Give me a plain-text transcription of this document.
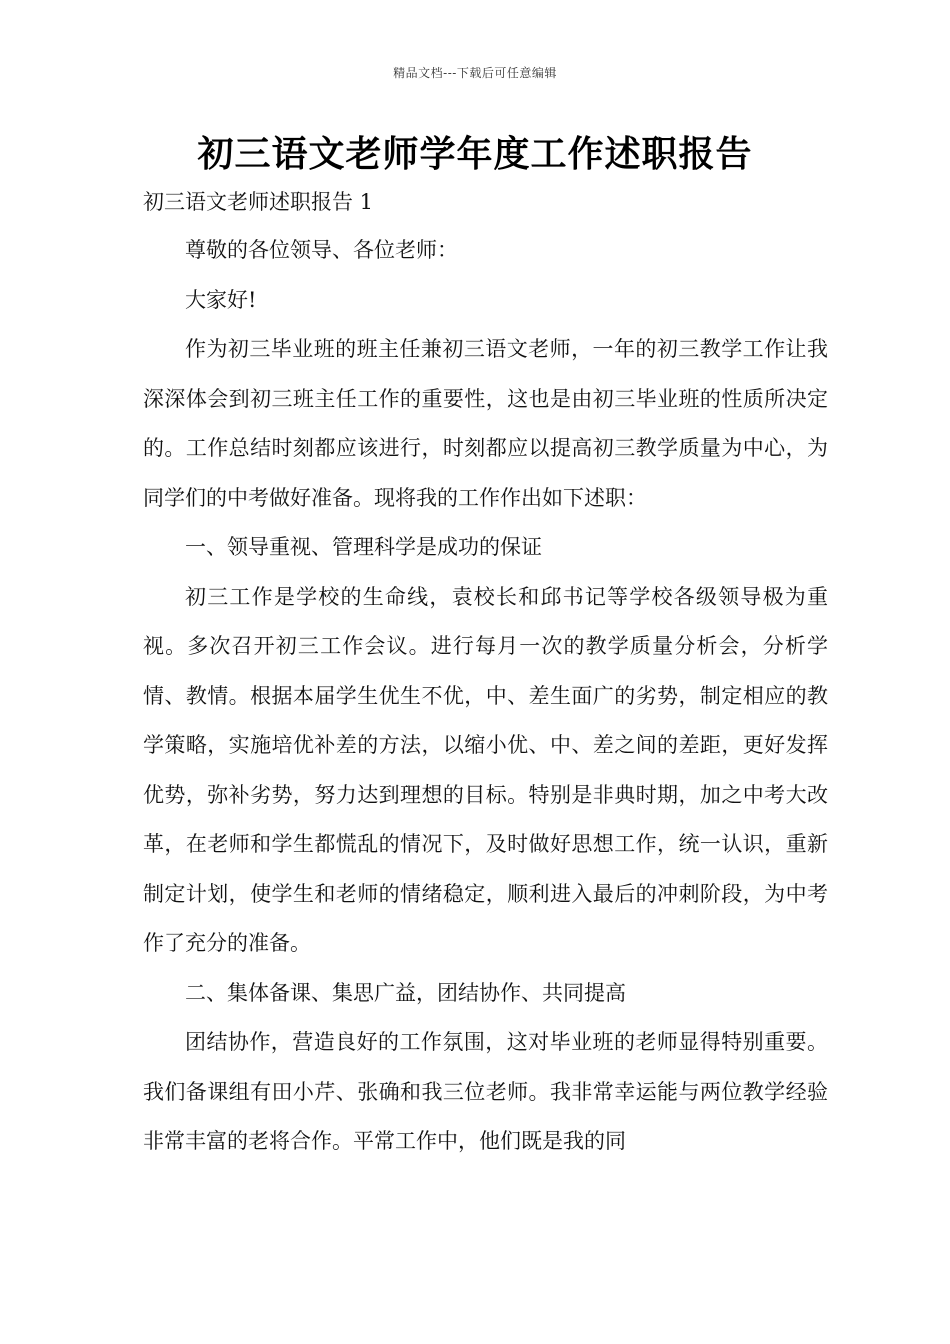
精品文档---下载后可任意编辑
初三语文老师学年度工作述职报告
初三语文老师述职报告 1

尊敬的各位领导、各位老师：

大家好!

作为初三毕业班的班主任兼初三语文老师，一年的初三教学工作让我深深体会到初三班主任工作的重要性，这也是由初三毕业班的性质所决定的。工作总结时刻都应该进行，时刻都应以提高初三教学质量为中心，为同学们的中考做好准备。现将我的工作作出如下述职：

一、领导重视、管理科学是成功的保证

初三工作是学校的生命线，袁校长和邱书记等学校各级领导极为重视。多次召开初三工作会议。进行每月一次的教学质量分析会，分析学情、教情。根据本届学生优生不优，中、差生面广的劣势，制定相应的教学策略，实施培优补差的方法，以缩小优、中、差之间的差距，更好发挥优势，弥补劣势，努力达到理想的目标。特别是非典时期，加之中考大改革，在老师和学生都慌乱的情况下，及时做好思想工作，统一认识，重新制定计划，使学生和老师的情绪稳定，顺利进入最后的冲刺阶段，为中考作了充分的准备。

二、集体备课、集思广益，团结协作、共同提高

团结协作，营造良好的工作氛围，这对毕业班的老师显得特别重要。我们备课组有田小芹、张确和我三位老师。我非常幸运能与两位教学经验非常丰富的老将合作。平常工作中，他们既是我的同
